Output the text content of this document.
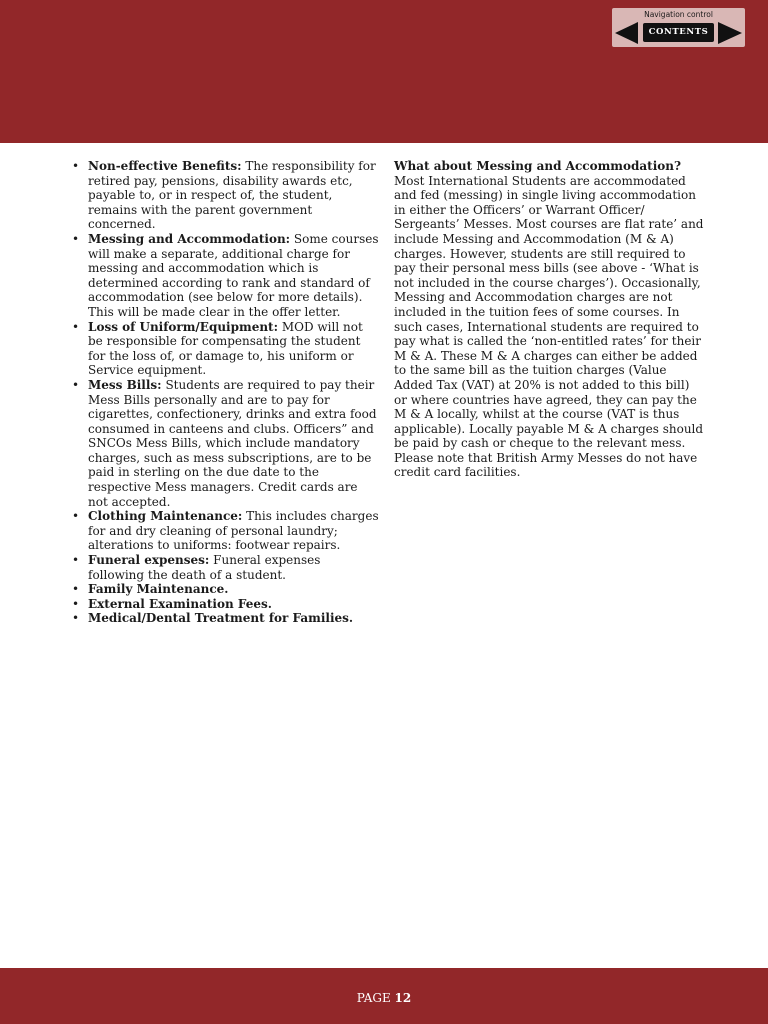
Navigation control
CONTENTS
• Non-effective Benefits: The responsibility for retired pay, pensions, disability awards etc, payable to, or in respect of, the student, remains with the parent government concerned.
• Messing and Accommodation: Some courses will make a separate, additional charge for messing and accommodation which is determined according to rank and standard of accommodation (see below for more details). This will be made clear in the offer letter.
• Loss of Uniform/Equipment: MOD will not be responsible for compensating the student for the loss of, or damage to, his uniform or Service equipment.
• Mess Bills: Students are required to pay their Mess Bills personally and are to pay for cigarettes, confectionery, drinks and extra food consumed in canteens and clubs. Officers” and SNCOs Mess Bills, which include mandatory charges, such as mess subscriptions, are to be paid in sterling on the due date to the respective Mess managers. Credit cards are not accepted.
• Clothing Maintenance: This includes charges for and dry cleaning of personal laundry; alterations to uniforms: footwear repairs.
• Funeral expenses: Funeral expenses following the death of a student.
• Family Maintenance.
• External Examination Fees.
• Medical/Dental Treatment for Families.

What about Messing and Accommodation?

Most International Students are accommodated and fed (messing) in single living accommodation in either the Officers’ or Warrant Officer/ Sergeants’ Messes. Most courses are flat rate’ and include Messing and Accommodation (M & A) charges. However, students are still required to pay their personal mess bills (see above - ‘What is not included in the course charges’). Occasionally, Messing and Accommodation charges are not included in the tuition fees of some courses. In such cases, International students are required to pay what is called the ‘non-entitled rates’ for their M & A. These M & A charges can either be added to the same bill as the tuition charges (Value Added Tax (VAT) at 20% is not added to this bill) or where countries have agreed, they can pay the M & A locally, whilst at the course (VAT is thus applicable). Locally payable M & A charges should be paid by cash or cheque to the relevant mess. Please note that British Army Messes do not have credit card facilities.

PAGE 12
